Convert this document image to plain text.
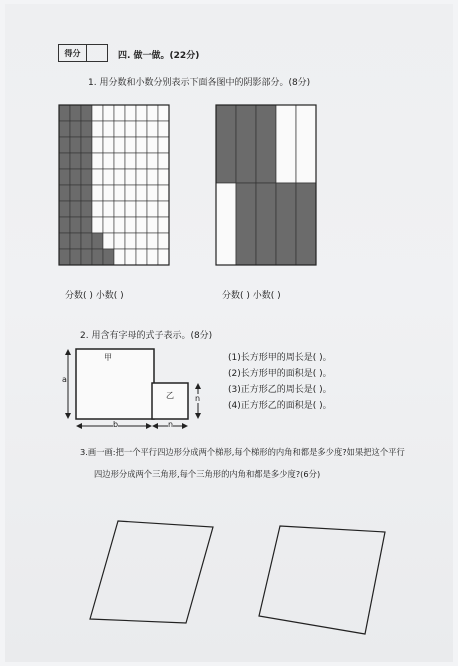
得分	四. 做一做。(22分)
1. 用分数和小数分别表示下面各图中的阴影部分。(8分)
分数( ) 小数( )	分数( ) 小数( )
2. 用含有字母的式子表示。(8分)
甲
乙
a
b	n
n
(1)长方形甲的周长是( )。
(2)长方形甲的面积是( )。
(3)正方形乙的周长是( )。
(4)正方形乙的面积是( )。
3.画一画:把一个平行四边形分成两个梯形,每个梯形的内角和都是多少度?如果把这个平行
四边形分成两个三角形,每个三角形的内角和都是多少度?(6分)
